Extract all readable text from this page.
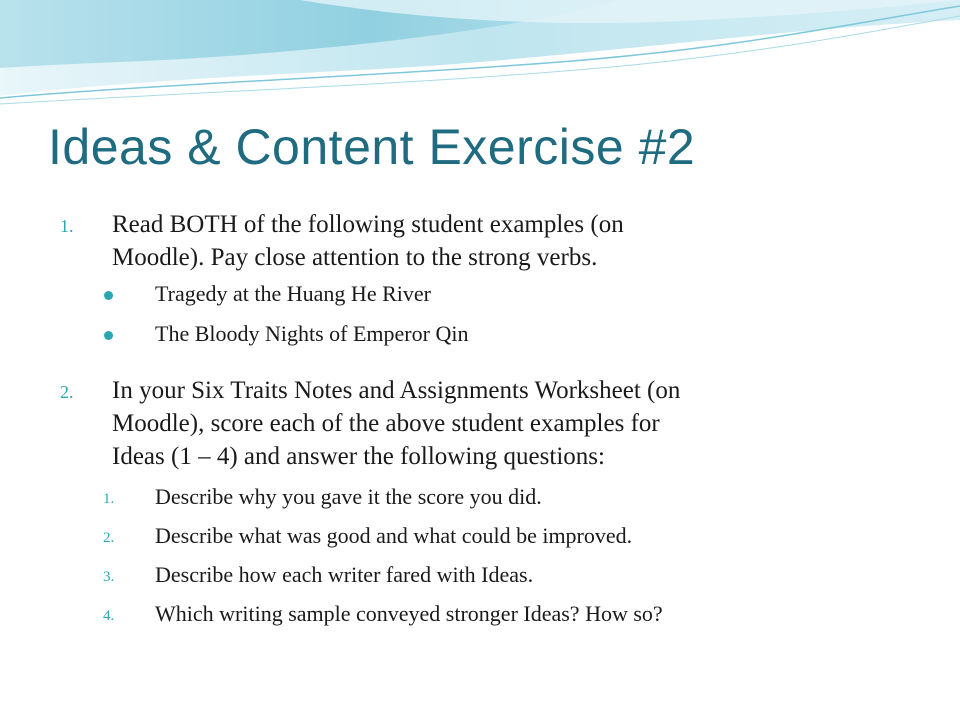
Ideas & Content Exercise #2
1. Read BOTH of the following student examples (on
Moodle). Pay close attention to the strong verbs.
Tragedy at the Huang He River
The Bloody Nights of Emperor Qin
2. In your Six Traits Notes and Assignments Worksheet (on
Moodle), score each of the above student examples for
Ideas (1 – 4) and answer the following questions:
1. Describe why you gave it the score you did.
2. Describe what was good and what could be improved.
3. Describe how each writer fared with Ideas.
4. Which writing sample conveyed stronger Ideas? How so?
